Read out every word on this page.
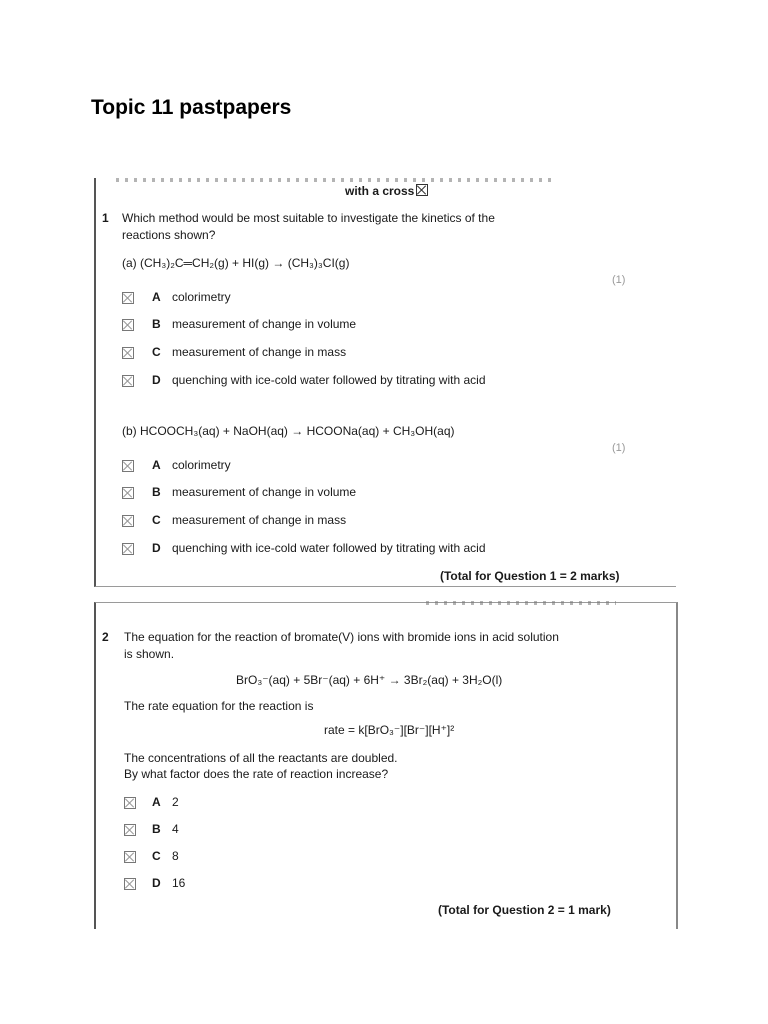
Topic 11 pastpapers
with a cross
1 Which method would be most suitable to investigate the kinetics of the
reactions shown?
(a) (CH₃)₂C═CH₂(g) + HI(g) → (CH₃)₃CI(g)
(1)
A colorimetry
B measurement of change in volume
C measurement of change in mass
D quenching with ice-cold water followed by titrating with acid
(b) HCOOCH₃(aq) + NaOH(aq) → HCOONa(aq) + CH₃OH(aq)
(1)
A colorimetry
B measurement of change in volume
C measurement of change in mass
D quenching with ice-cold water followed by titrating with acid
(Total for Question 1 = 2 marks)
2 The equation for the reaction of bromate(V) ions with bromide ions in acid solution
is shown.
BrO₃⁻(aq) + 5Br⁻(aq) + 6H⁺ → 3Br₂(aq) + 3H₂O(l)
The rate equation for the reaction is
rate = k[BrO₃⁻][Br⁻][H⁺]²
The concentrations of all the reactants are doubled.
By what factor does the rate of reaction increase?
A 2
B 4
C 8
D 16
(Total for Question 2 = 1 mark)
